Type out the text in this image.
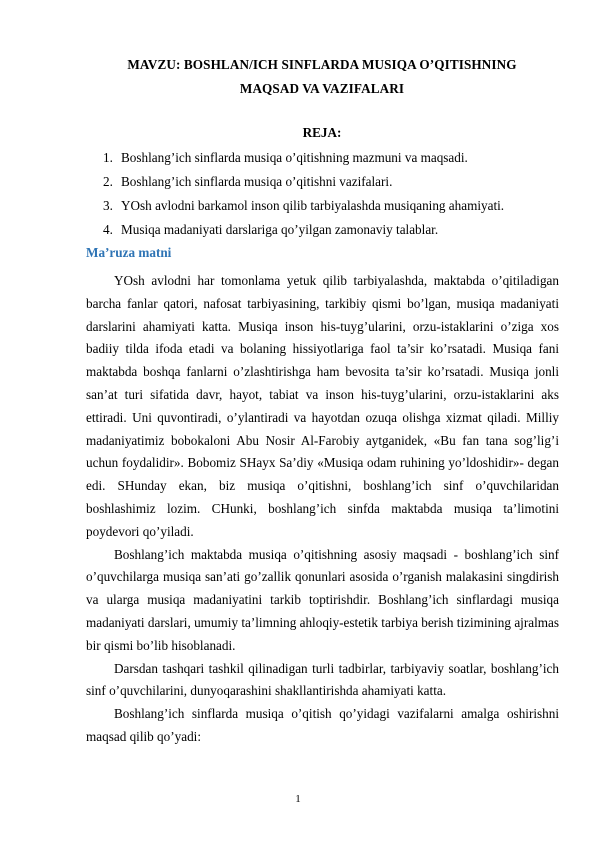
MAVZU: BOSHLAN/ICH SINFLARDA MUSIQA O’QITISHNING
MAQSAD VA VAZIFALARI
REJA:
1. Boshlang’ich sinflarda musiqa o’qitishning mazmuni va maqsadi.
2. Boshlang’ich sinflarda musiqa o’qitishni vazifalari.
3. YOsh avlodni barkamol inson qilib tarbiyalashda musiqaning ahamiyati.
4. Musiqa madaniyati darslariga qo’yilgan zamonaviy talablar.
Ma’ruza matni

YOsh avlodni har tomonlama yetuk qilib tarbiyalashda, maktabda o’qitiladigan barcha fanlar qatori, nafosat tarbiyasining, tarkibiy qismi bo’lgan, musiqa madaniyati darslarini ahamiyati katta. Musiqa inson his-tuyg’ularini, orzu-istaklarini o’ziga xos badiiy tilda ifoda etadi va bolaning hissiyotlariga faol ta’sir ko’rsatadi. Musiqa fani maktabda boshqa fanlarni o’zlashtirishga ham bevosita ta’sir ko’rsatadi. Musiqa jonli san’at turi sifatida davr, hayot, tabiat va inson his-tuyg’ularini, orzu-istaklarini aks ettiradi. Uni quvontiradi, o’ylantiradi va hayotdan ozuqa olishga xizmat qiladi. Milliy madaniyatimiz bobokaloni Abu Nosir Al-Farobiy aytganidek, «Bu fan tana sog’lig’i uchun foydalidir». Bobomiz SHayx Sa’diy «Musiqa odam ruhining yo’ldoshidir»- degan edi. SHunday ekan, biz musiqa o’qitishni, boshlang’ich sinf o’quvchilaridan boshlashimiz lozim. CHunki, boshlang’ich sinfda maktabda musiqa ta’limotini poydevori qo’yiladi.

Boshlang’ich maktabda musiqa o’qitishning asosiy maqsadi - boshlang’ich sinf o’quvchilarga musiqa san’ati go’zallik qonunlari asosida o’rganish malakasini singdirish va ularga musiqa madaniyatini tarkib toptirishdir. Boshlang’ich sinflardagi musiqa madaniyati darslari, umumiy ta’limning ahloqiy-estetik tarbiya berish tizimining ajralmas bir qismi bo’lib hisoblanadi.

Darsdan tashqari tashkil qilinadigan turli tadbirlar, tarbiyaviy soatlar, boshlang’ich sinf o’quvchilarini, dunyoqarashini shakllantirishda ahamiyati katta.

Boshlang’ich sinflarda musiqa o’qitish qo’yidagi vazifalarni amalga oshirishni maqsad qilib qo’yadi:

1
